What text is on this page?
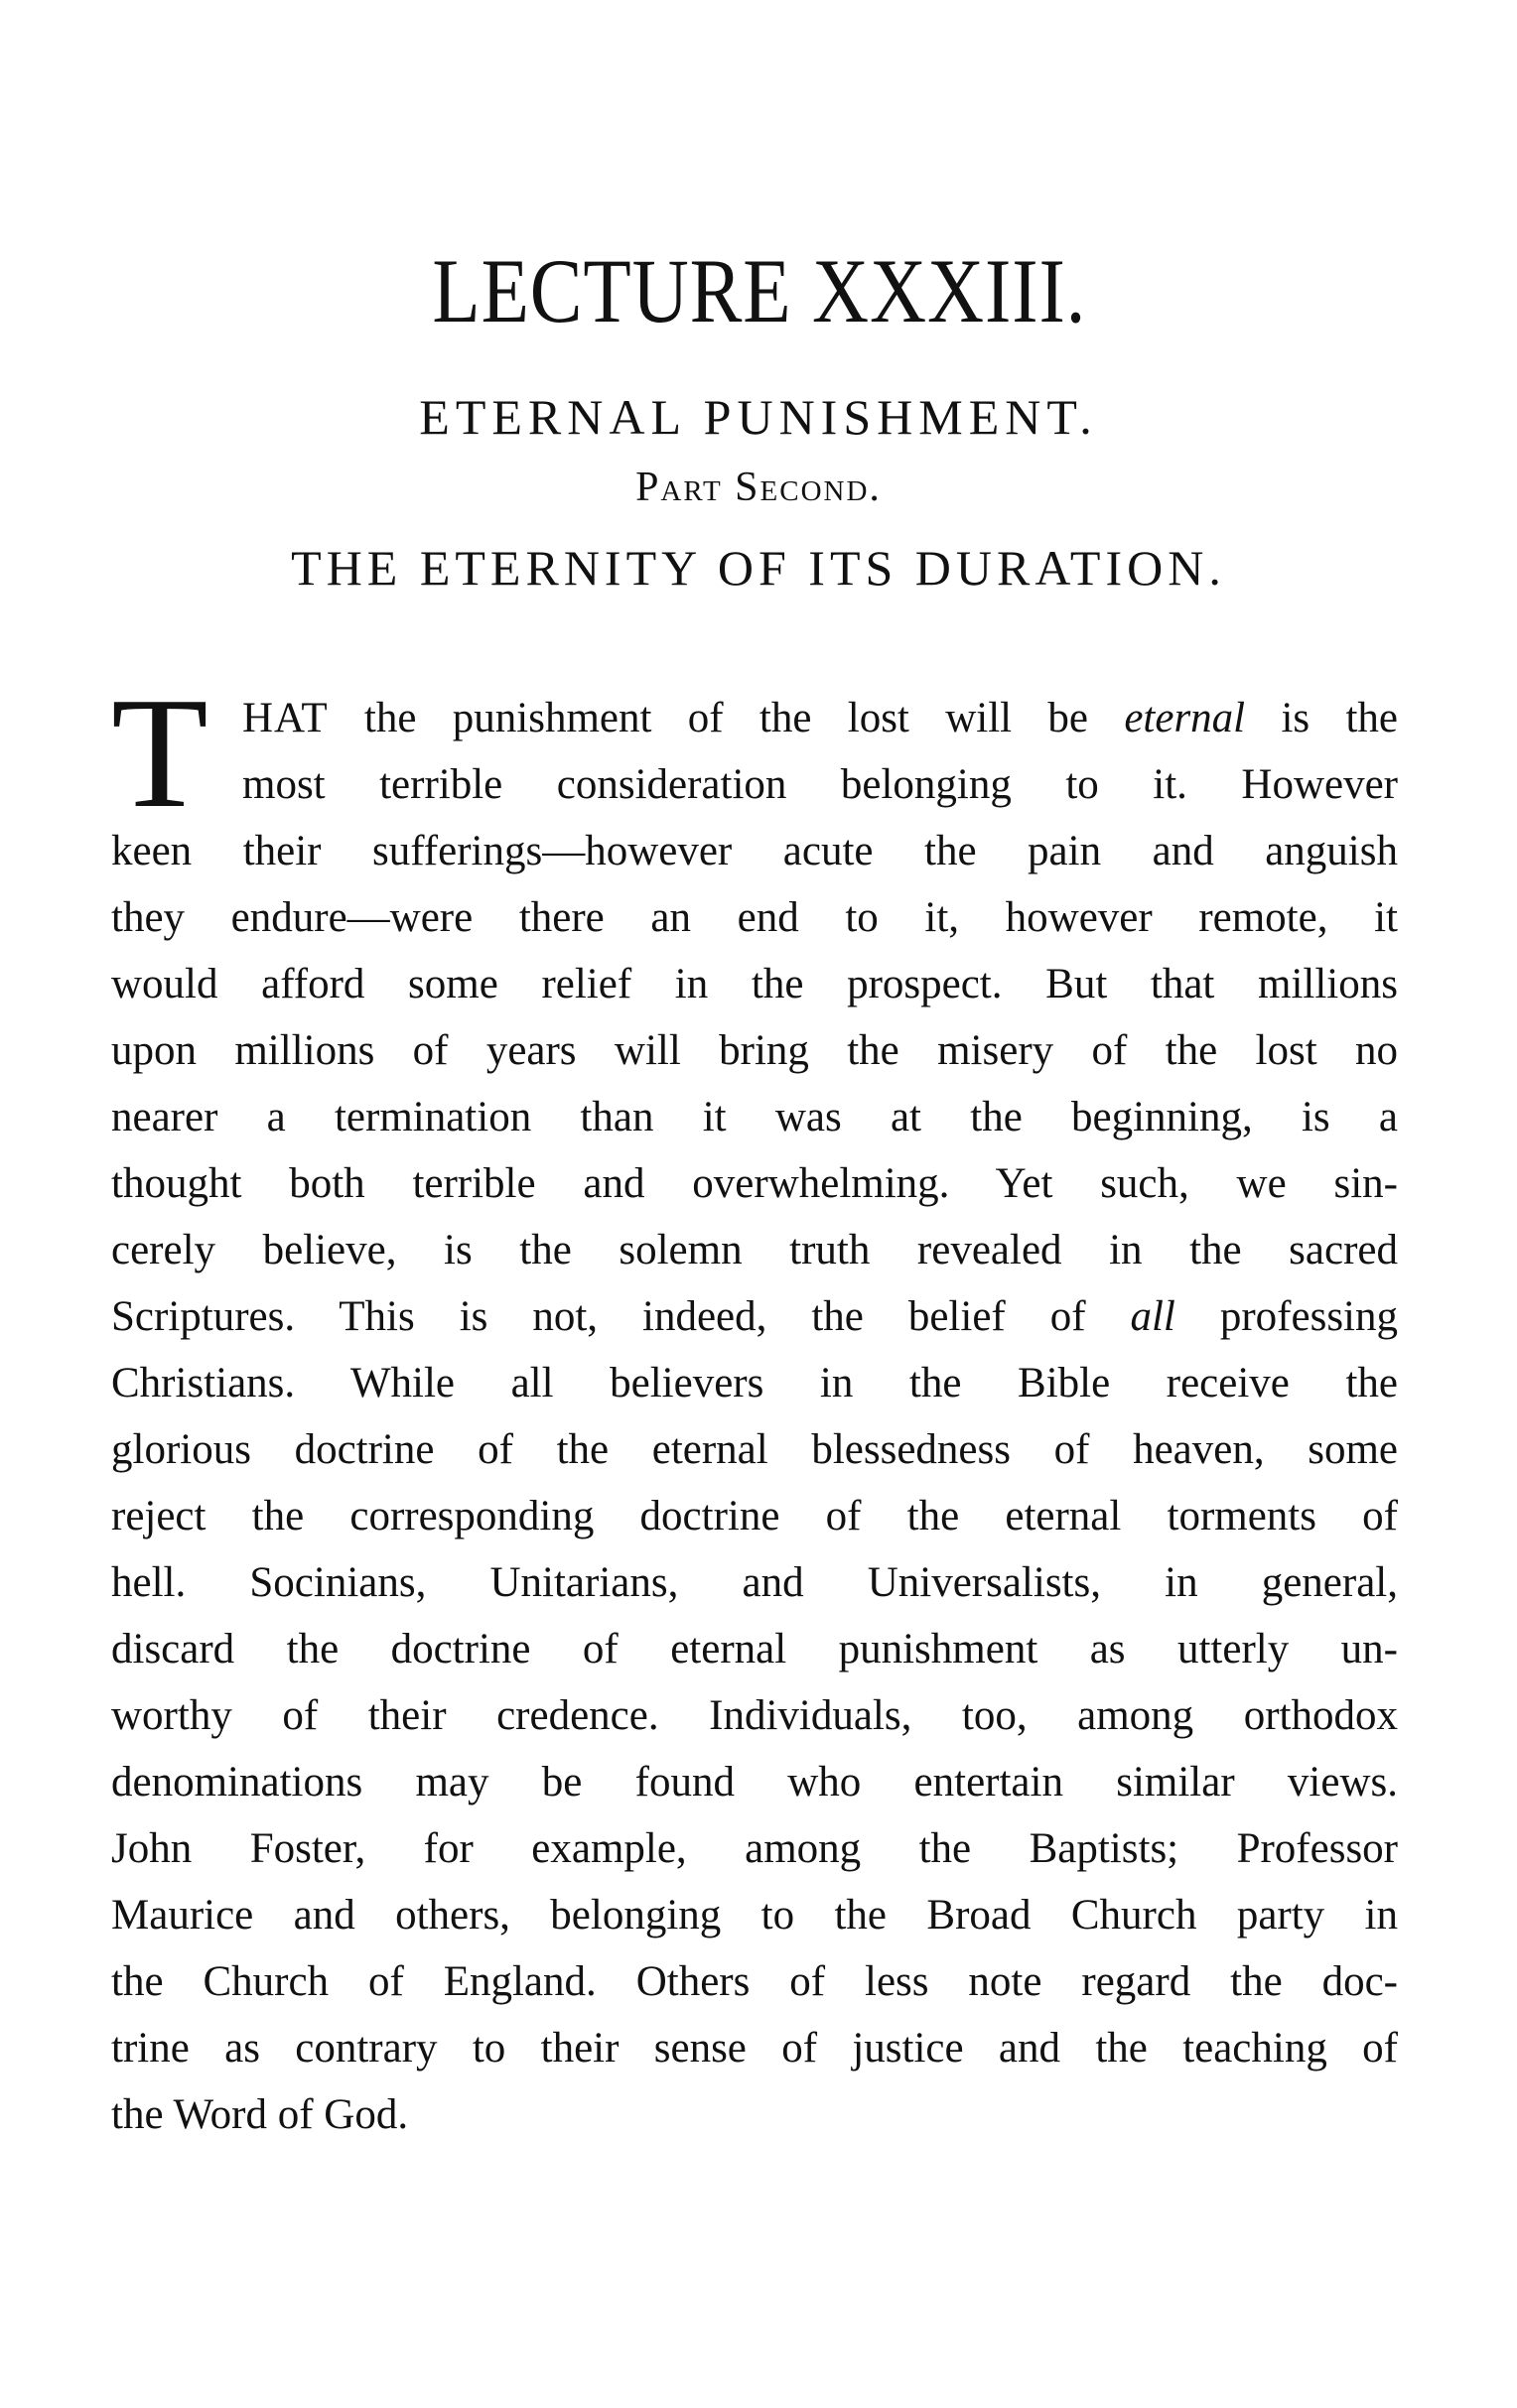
LECTURE XXXIII.
ETERNAL PUNISHMENT.
Part Second.
THE ETERNITY OF ITS DURATION.
T HAT the punishment of the lost will be eternal is the
most terrible consideration belonging to it. However
keen their sufferings—however acute the pain and anguish
they endure—were there an end to it, however remote, it
would afford some relief in the prospect. But that millions
upon millions of years will bring the misery of the lost no
nearer a termination than it was at the beginning, is a
thought both terrible and overwhelming. Yet such, we sin-
cerely believe, is the solemn truth revealed in the sacred
Scriptures. This is not, indeed, the belief of all professing
Christians. While all believers in the Bible receive the
glorious doctrine of the eternal blessedness of heaven, some
reject the corresponding doctrine of the eternal torments of
hell. Socinians, Unitarians, and Universalists, in general,
discard the doctrine of eternal punishment as utterly un-
worthy of their credence. Individuals, too, among orthodox
denominations may be found who entertain similar views.
John Foster, for example, among the Baptists; Professor
Maurice and others, belonging to the Broad Church party in
the Church of England. Others of less note regard the doc-
trine as contrary to their sense of justice and the teaching of
the Word of God.
